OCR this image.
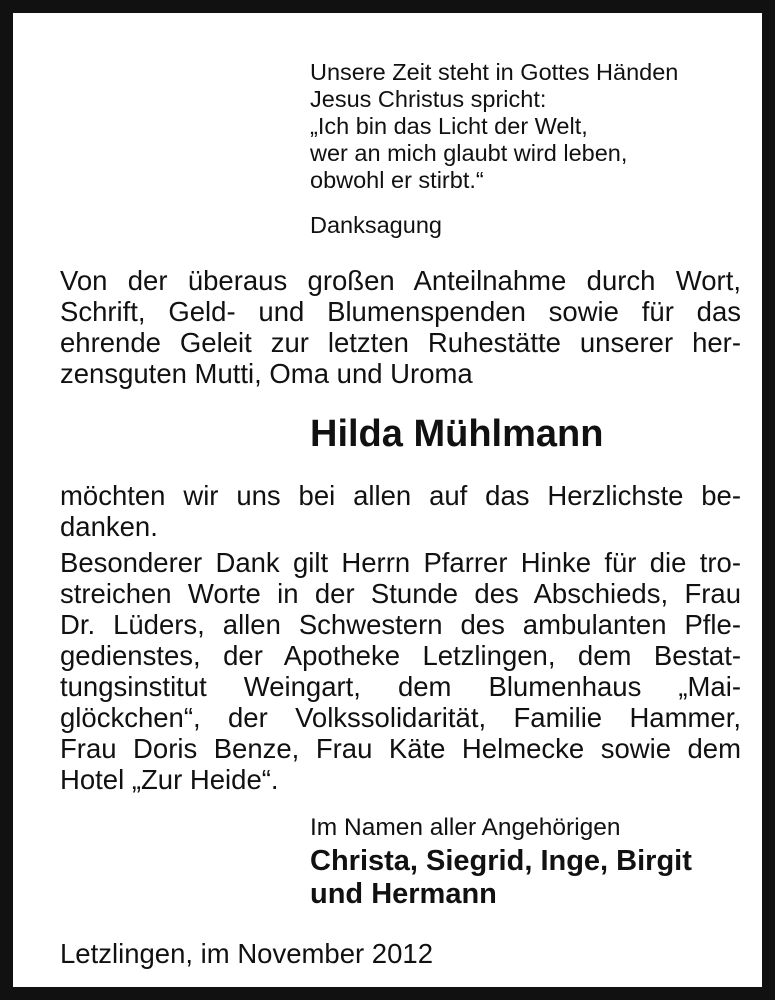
Unsere Zeit steht in Gottes Händen

Jesus Christus spricht:

„Ich bin das Licht der Welt,

wer an mich glaubt wird leben,

obwohl er stirbt.“

Danksagung

Von der überaus großen Anteilnahme durch Wort,

Schrift, Geld- und Blumenspenden sowie für das

ehrende Geleit zur letzten Ruhestätte unserer her-

zensguten Mutti, Oma und Uroma

Hilda Mühlmann

möchten wir uns bei allen auf das Herzlichste be-

danken.

Besonderer Dank gilt Herrn Pfarrer Hinke für die tro-

streichen Worte in der Stunde des Abschieds, Frau

Dr. Lüders, allen Schwestern des ambulanten Pfle-

gedienstes, der Apotheke Letzlingen, dem Bestat-

tungsinstitut Weingart, dem Blumenhaus „Mai-

glöckchen“, der Volkssolidarität, Familie Hammer,

Frau Doris Benze, Frau Käte Helmecke sowie dem

Hotel „Zur Heide“.

Im Namen aller Angehörigen

Christa, Siegrid, Inge, Birgit

und Hermann

Letzlingen, im November 2012
